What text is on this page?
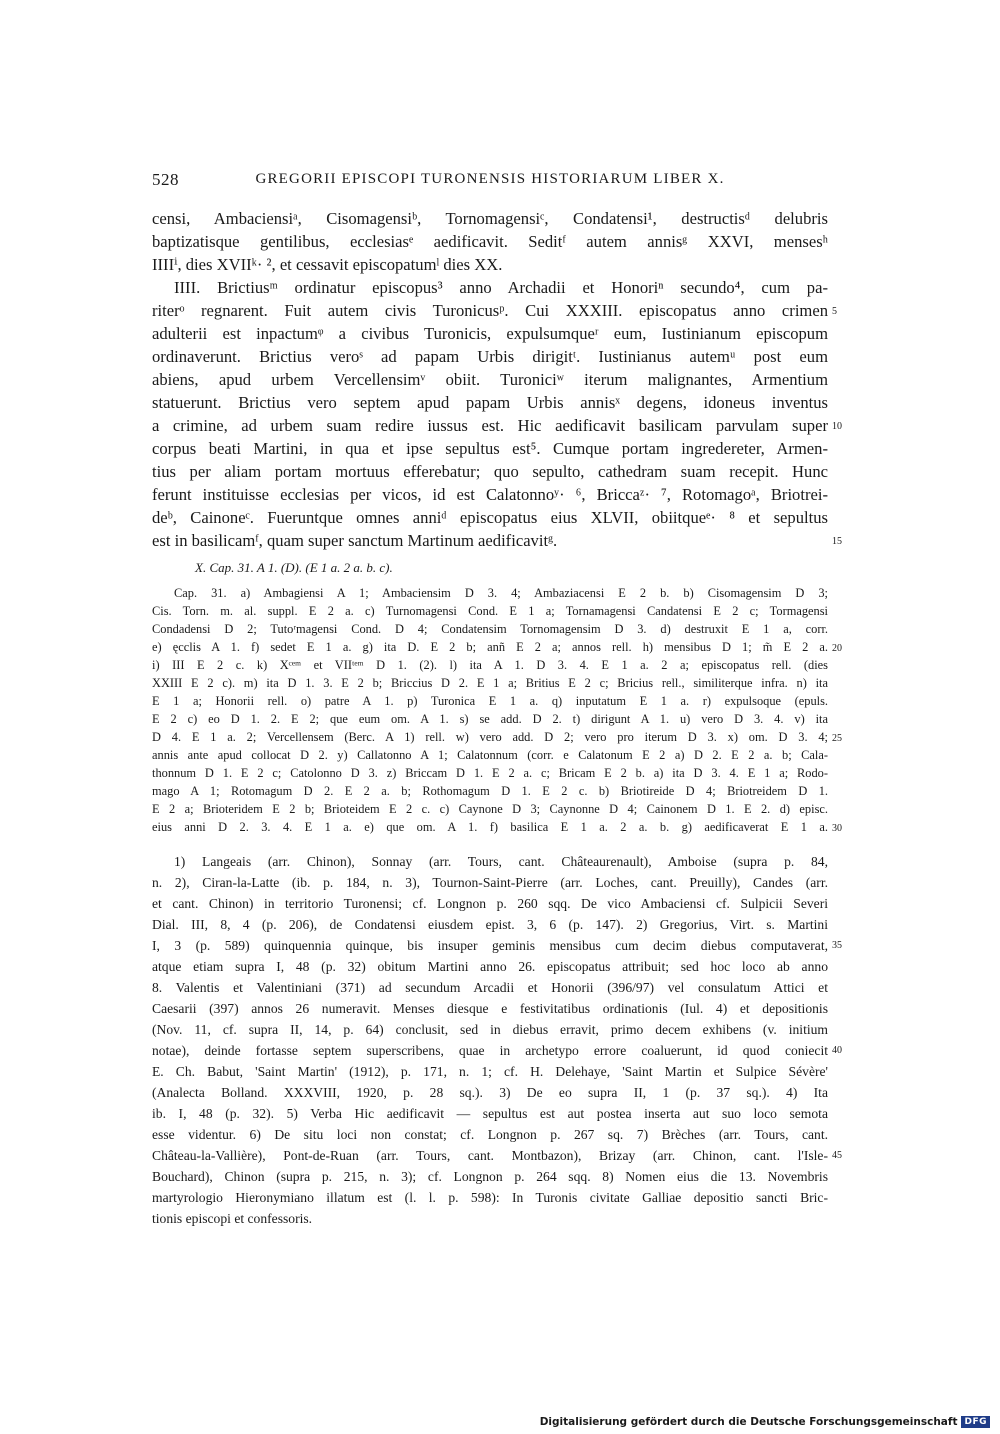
528	GREGORII EPISCOPI TURONENSIS HISTORIARUM LIBER X.
censi, Ambaciensiᵃ, Cisomagensiᵇ, Tornomagensiᶜ, Condatensi¹, destructisᵈ delubris
baptizatisque gentilibus, ecclesiasᵉ aedificavit. Seditᶠ autem annisᵍ XXVI, mensesʰ
IIIIⁱ, dies XVIIᵏ· ², et cessavit episcopatumˡ dies XX.
IIII. Brictiusᵐ ordinatur episcopus³ anno Archadii et Honoriⁿ secundo⁴, cum pa-
riterᵒ regnarent. Fuit autem civis Turonicusᵖ. Cui XXXIII. episcopatus anno crimen
adulterii est inpactumᵠ a civibus Turonicis, expulsumqueʳ eum, Iustinianum episcopum
ordinaverunt. Brictius veroˢ ad papam Urbis dirigitᵗ. Iustinianus autemᵘ post eum
abiens, apud urbem Vercellensimᵛ obiit. Turoniciʷ iterum malignantes, Armentium
statuerunt. Brictius vero septem apud papam Urbis annisˣ degens, idoneus inventus
a crimine, ad urbem suam redire iussus est. Hic aedificavit basilicam parvulam super
corpus beati Martini, in qua et ipse sepultus est⁵. Cumque portam ingredereter, Armen-
tius per aliam portam mortuus efferebatur; quo sepulto, cathedram suam recepit. Hunc
ferunt instituisse ecclesias per vicos, id est Calatonnoʸ· ⁶, Briccaᶻ· ⁷, Rotomagoᵃ, Briotrei-
deᵇ, Cainoneᶜ. Fueruntque omnes anniᵈ episcopatus eius XLVII, obiitqueᵉ· ⁸ et sepultus
est in basilicamᶠ, quam super sanctum Martinum aedificavitᵍ.
5
10
15
X. Cap. 31. A 1. (D). (E 1 a. 2 a. b. c).
Cap. 31. a) Ambagiensi A 1; Ambaciensim D 3. 4; Ambaziacensi E 2 b. b) Cisomagensim D 3;
Cis. Torn. m. al. suppl. E 2 a. c) Turnomagensi Cond. E 1 a; Tornamagensi Candatensi E 2 c; Tormagensi
Condadensi D 2; Tutoʳmagensi Cond. D 4; Condatensim Tornomagensim D 3. d) destruxit E 1 a, corr.
e) ęcclis A 1. f) sedet E 1 a. g) ita D. E 2 b; anñ E 2 a; annos rell. h) mensibus D 1; m̃ E 2 a.
i) III E 2 c. k) Xᶜᵉᵐ et VIIᵗᵉᵐ D 1. (2). l) ita A 1. D 3. 4. E 1 a. 2 a; episcopatus rell. (dies
XXIII E 2 c). m) ita D 1. 3. E 2 b; Briccius D 2. E 1 a; Britius E 2 c; Bricius rell., similiterque infra. n) ita
E 1 a; Honorii rell. o) patre A 1. p) Turonica E 1 a. q) inputatum E 1 a. r) expulsoque (epuls.
E 2 c) eo D 1. 2. E 2; que eum om. A 1. s) se add. D 2. t) dirigunt A 1. u) vero D 3. 4. v) ita
D 4. E 1 a. 2; Vercellensem (Berc. A 1) rell. w) vero add. D 2; vero pro iterum D 3. x) om. D 3. 4;
annis ante apud collocat D 2. y) Callatonno A 1; Calatonnum (corr. e Calatonum E 2 a) D 2. E 2 a. b; Cala-
thonnum D 1. E 2 c; Catolonno D 3. z) Briccam D 1. E 2 a. c; Bricam E 2 b. a) ita D 3. 4. E 1 a; Rodo-
mago A 1; Rotomagum D 2. E 2 a. b; Rothomagum D 1. E 2 c. b) Briotireide D 4; Briotreidem D 1.
E 2 a; Brioteridem E 2 b; Brioteidem E 2 c. c) Caynone D 3; Caynonne D 4; Cainonem D 1. E 2. d) episc.
eius anni D 2. 3. 4. E 1 a. e) que om. A 1. f) basilica E 1 a. 2 a. b. g) aedificaverat E 1 a.
20
25
30
1) Langeais (arr. Chinon), Sonnay (arr. Tours, cant. Châteaurenault), Amboise (supra p. 84,
n. 2), Ciran-la-Latte (ib. p. 184, n. 3), Tournon-Saint-Pierre (arr. Loches, cant. Preuilly), Candes (arr.
et cant. Chinon) in territorio Turonensi; cf. Longnon p. 260 sqq. De vico Ambaciensi cf. Sulpicii Severi
Dial. III, 8, 4 (p. 206), de Condatensi eiusdem epist. 3, 6 (p. 147). 2) Gregorius, Virt. s. Martini
I, 3 (p. 589) quinquennia quinque, bis insuper geminis mensibus cum decim diebus computaverat,
atque etiam supra I, 48 (p. 32) obitum Martini anno 26. episcopatus attribuit; sed hoc loco ab anno
8. Valentis et Valentiniani (371) ad secundum Arcadii et Honorii (396/97) vel consulatum Attici et
Caesarii (397) annos 26 numeravit. Menses diesque e festivitatibus ordinationis (Iul. 4) et depositionis
(Nov. 11, cf. supra II, 14, p. 64) conclusit, sed in diebus erravit, primo decem exhibens (v. initium
notae), deinde fortasse septem superscribens, quae in archetypo errore coaluerunt, id quod coniecit
E. Ch. Babut, 'Saint Martin' (1912), p. 171, n. 1; cf. H. Delehaye, 'Saint Martin et Sulpice Sévère'
(Analecta Bolland. XXXVIII, 1920, p. 28 sq.). 3) De eo supra II, 1 (p. 37 sq.). 4) Ita
ib. I, 48 (p. 32). 5) Verba Hic aedificavit — sepultus est aut postea inserta aut suo loco semota
esse videntur. 6) De situ loci non constat; cf. Longnon p. 267 sq. 7) Brèches (arr. Tours, cant.
Château-la-Vallière), Pont-de-Ruan (arr. Tours, cant. Montbazon), Brizay (arr. Chinon, cant. l'Isle-
Bouchard), Chinon (supra p. 215, n. 3); cf. Longnon p. 264 sqq. 8) Nomen eius die 13. Novembris
martyrologio Hieronymiano illatum est (l. l. p. 598): In Turonis civitate Galliae depositio sancti Bric-
tionis episcopi et confessoris.
35
40
45
Digitalisierung gefördert durch die Deutsche Forschungsgemeinschaft DFG
